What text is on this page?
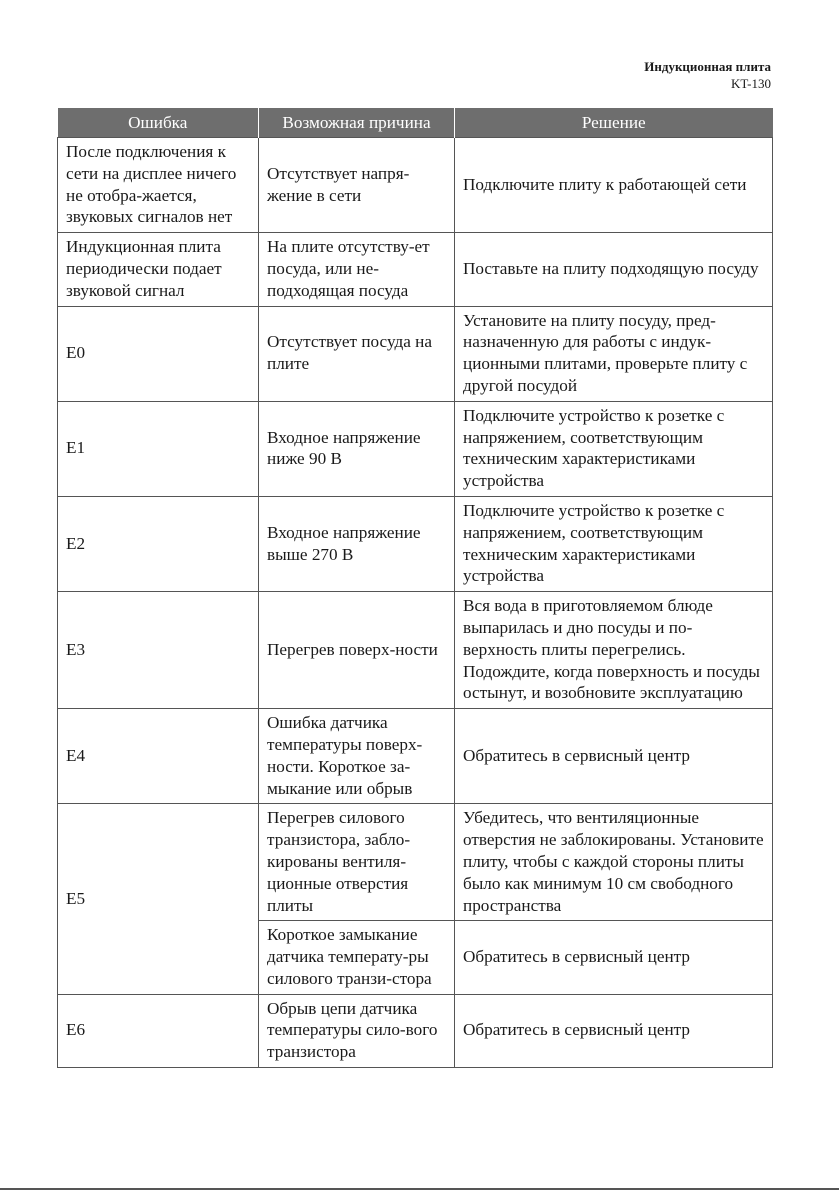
Индукционная плита
KT-130
Ошибка	Возможная причина	Решение
После подключения к сети на дисплее ничего не отобра-жается, звуковых сигналов нет	Отсутствует напря-жение в сети	Подключите плиту к работающей сети
Индукционная плита периодически подает звуковой сигнал	На плите отсутству-ет посуда, или не-подходящая посуда	Поставьте на плиту подходящую посуду
E0	Отсутствует посуда на плите	Установите на плиту посуду, пред-назначенную для работы с индук-ционными плитами, проверьте плиту с другой посудой
E1	Входное напряжение ниже 90 В	Подключите устройство к розетке с напряжением, соответствующим техническим характеристиками устройства
E2	Входное напряжение выше 270 В	Подключите устройство к розетке с напряжением, соответствующим техническим характеристиками устройства
E3	Перегрев поверх-ности	Вся вода в приготовляемом блюде выпарилась и дно посуды и по-верхность плиты перегрелись. Подождите, когда поверхность и посуды остынут, и возобновите эксплуатацию
E4	Ошибка датчика температуры поверх-ности. Короткое за-мыкание или обрыв	Обратитесь в сервисный центр
E5	Перегрев силового транзистора, забло-кированы вентиля-ционные отверстия плиты	Убедитесь, что вентиляционные отверстия не заблокированы. Установите плиту, чтобы с каждой стороны плиты было как минимум 10 см свободного пространства
	Короткое замыкание датчика температу-ры силового транзи-стора	Обратитесь в сервисный центр
E6	Обрыв цепи датчика температуры сило-вого транзистора	Обратитесь в сервисный центр
